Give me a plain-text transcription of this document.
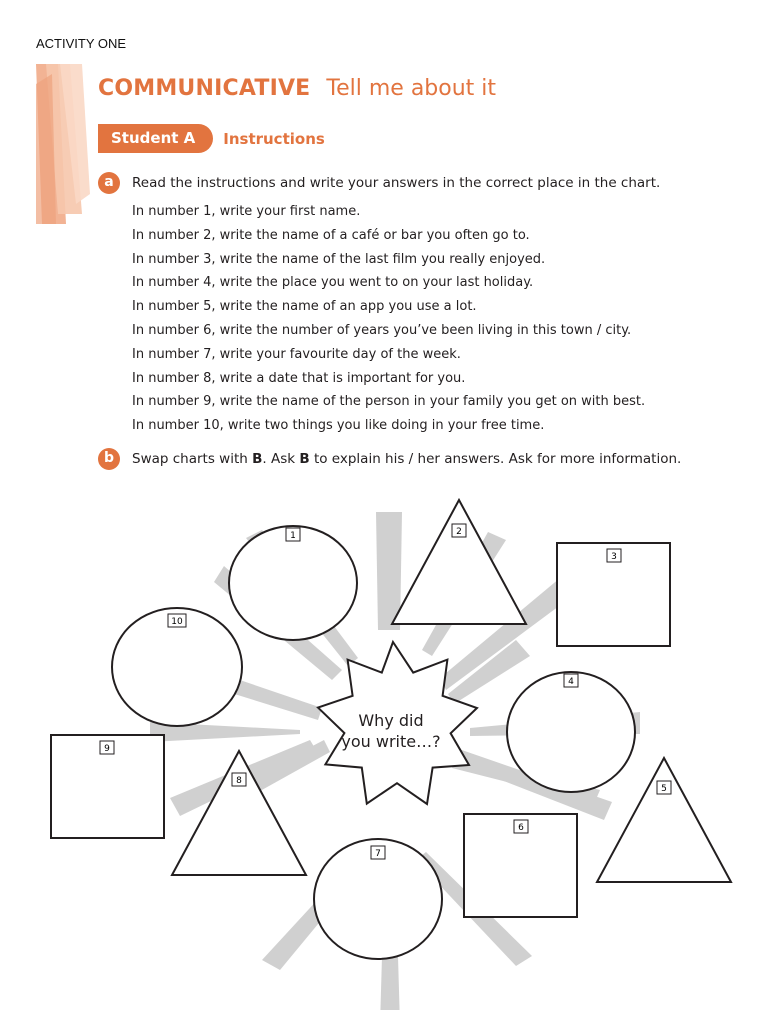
ACTIVITY ONE
COMMUNICATIVE Tell me about it
Student A	Instructions
a	Read the instructions and write your answers in the correct place in the chart.
In number 1, write your first name.
In number 2, write the name of a café or bar you often go to.
In number 3, write the name of the last film you really enjoyed.
In number 4, write the place you went to on your last holiday.
In number 5, write the name of an app you use a lot.
In number 6, write the number of years you’ve been living in this town / city.
In number 7, write your favourite day of the week.
In number 8, write a date that is important for you.
In number 9, write the name of the person in your family you get on with best.
In number 10, write two things you like doing in your free time.
b	Swap charts with B. Ask B to explain his / her answers. Ask for more information.
Why did
you write…?
1	2
3
4
5
6
7
8
9
10
